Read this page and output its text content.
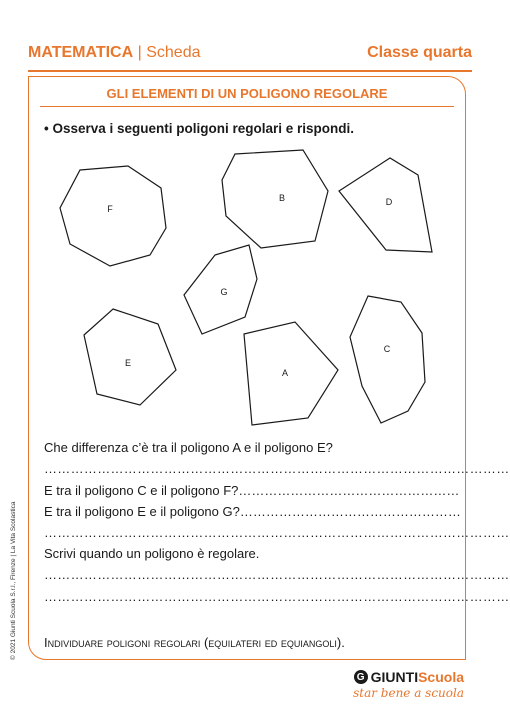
MATEMATICA | Scheda	Classe quarta
GLI ELEMENTI DI UN POLIGONO REGOLARE
• Osserva i seguenti poligoni regolari e rispondi.
F
B	D
G
E
A
C
Che differenza c’è tra il poligono A e il poligono E?
……………………………………………………………………………………………
E tra il poligono C e il poligono F?……………………………………………
E tra il poligono E e il poligono G?……………………………………………
……………………………………………………………………………………………
Scrivi quando un poligono è regolare.
……………………………………………………………………………………………
……………………………………………………………………………………………
Individuare poligoni regolari (equilateri ed equiangoli).
© 2021 Giunti Scuola S.r.l., Firenze | La Vita Scolastica
G GIUNTIScuola
star bene a scuola
